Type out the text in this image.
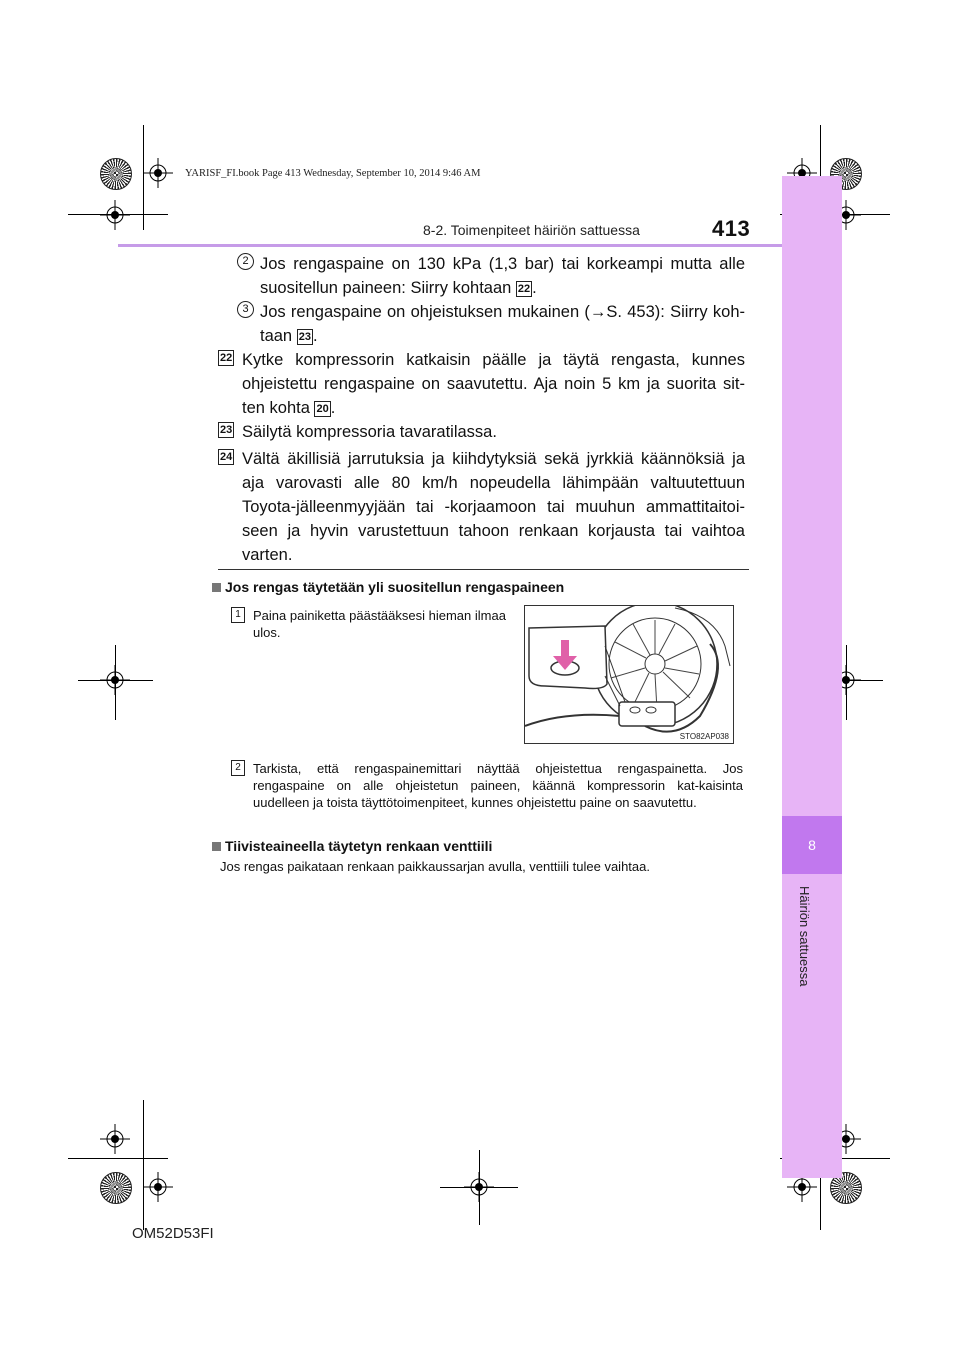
YARISF_FI.book Page 413 Wednesday, September 10, 2014 9:46 AM
8-2. Toimenpiteet häiriön sattuessa	413
8
Häiriön sattuessa
2 Jos rengaspaine on 130 kPa (1,3 bar) tai korkeampi mutta alle suositellun paineen: Siirry kohtaan 22 .
3 Jos rengaspaine on ohjeistuksen mukainen (→S. 453): Siirry koh-taan 23 .
22 Kytke kompressorin katkaisin päälle ja täytä rengasta, kunnes ohjeistettu rengaspaine on saavutettu. Aja noin 5 km ja suorita sit-ten kohta 20 .
23 Säilytä kompressoria tavaratilassa.
24 Vältä äkillisiä jarrutuksia ja kiihdytyksiä sekä jyrkkiä käännöksiä ja aja varovasti alle 80 km/h nopeudella lähimpään valtuutettuun Toyota-jälleenmyyjään tai -korjaamoon tai muuhun ammattitaitoi-seen ja hyvin varustettuun tahoon renkaan korjausta tai vaihtoa varten.
Jos rengas täytetään yli suositellun rengaspaineen
1 Paina painiketta päästääksesi hieman ilmaa ulos.
STO82AP038
2 Tarkista, että rengaspainemittari näyttää ohjeistettua rengaspainetta. Jos rengaspaine on alle ohjeistetun paineen, käännä kompressorin kat-kaisinta uudelleen ja toista täyttötoimenpiteet, kunnes ohjeistettu paine on saavutettu.
Tiivisteaineella täytetyn renkaan venttiili
Jos rengas paikataan renkaan paikkaussarjan avulla, venttiili tulee vaihtaa.
OM52D53FI
